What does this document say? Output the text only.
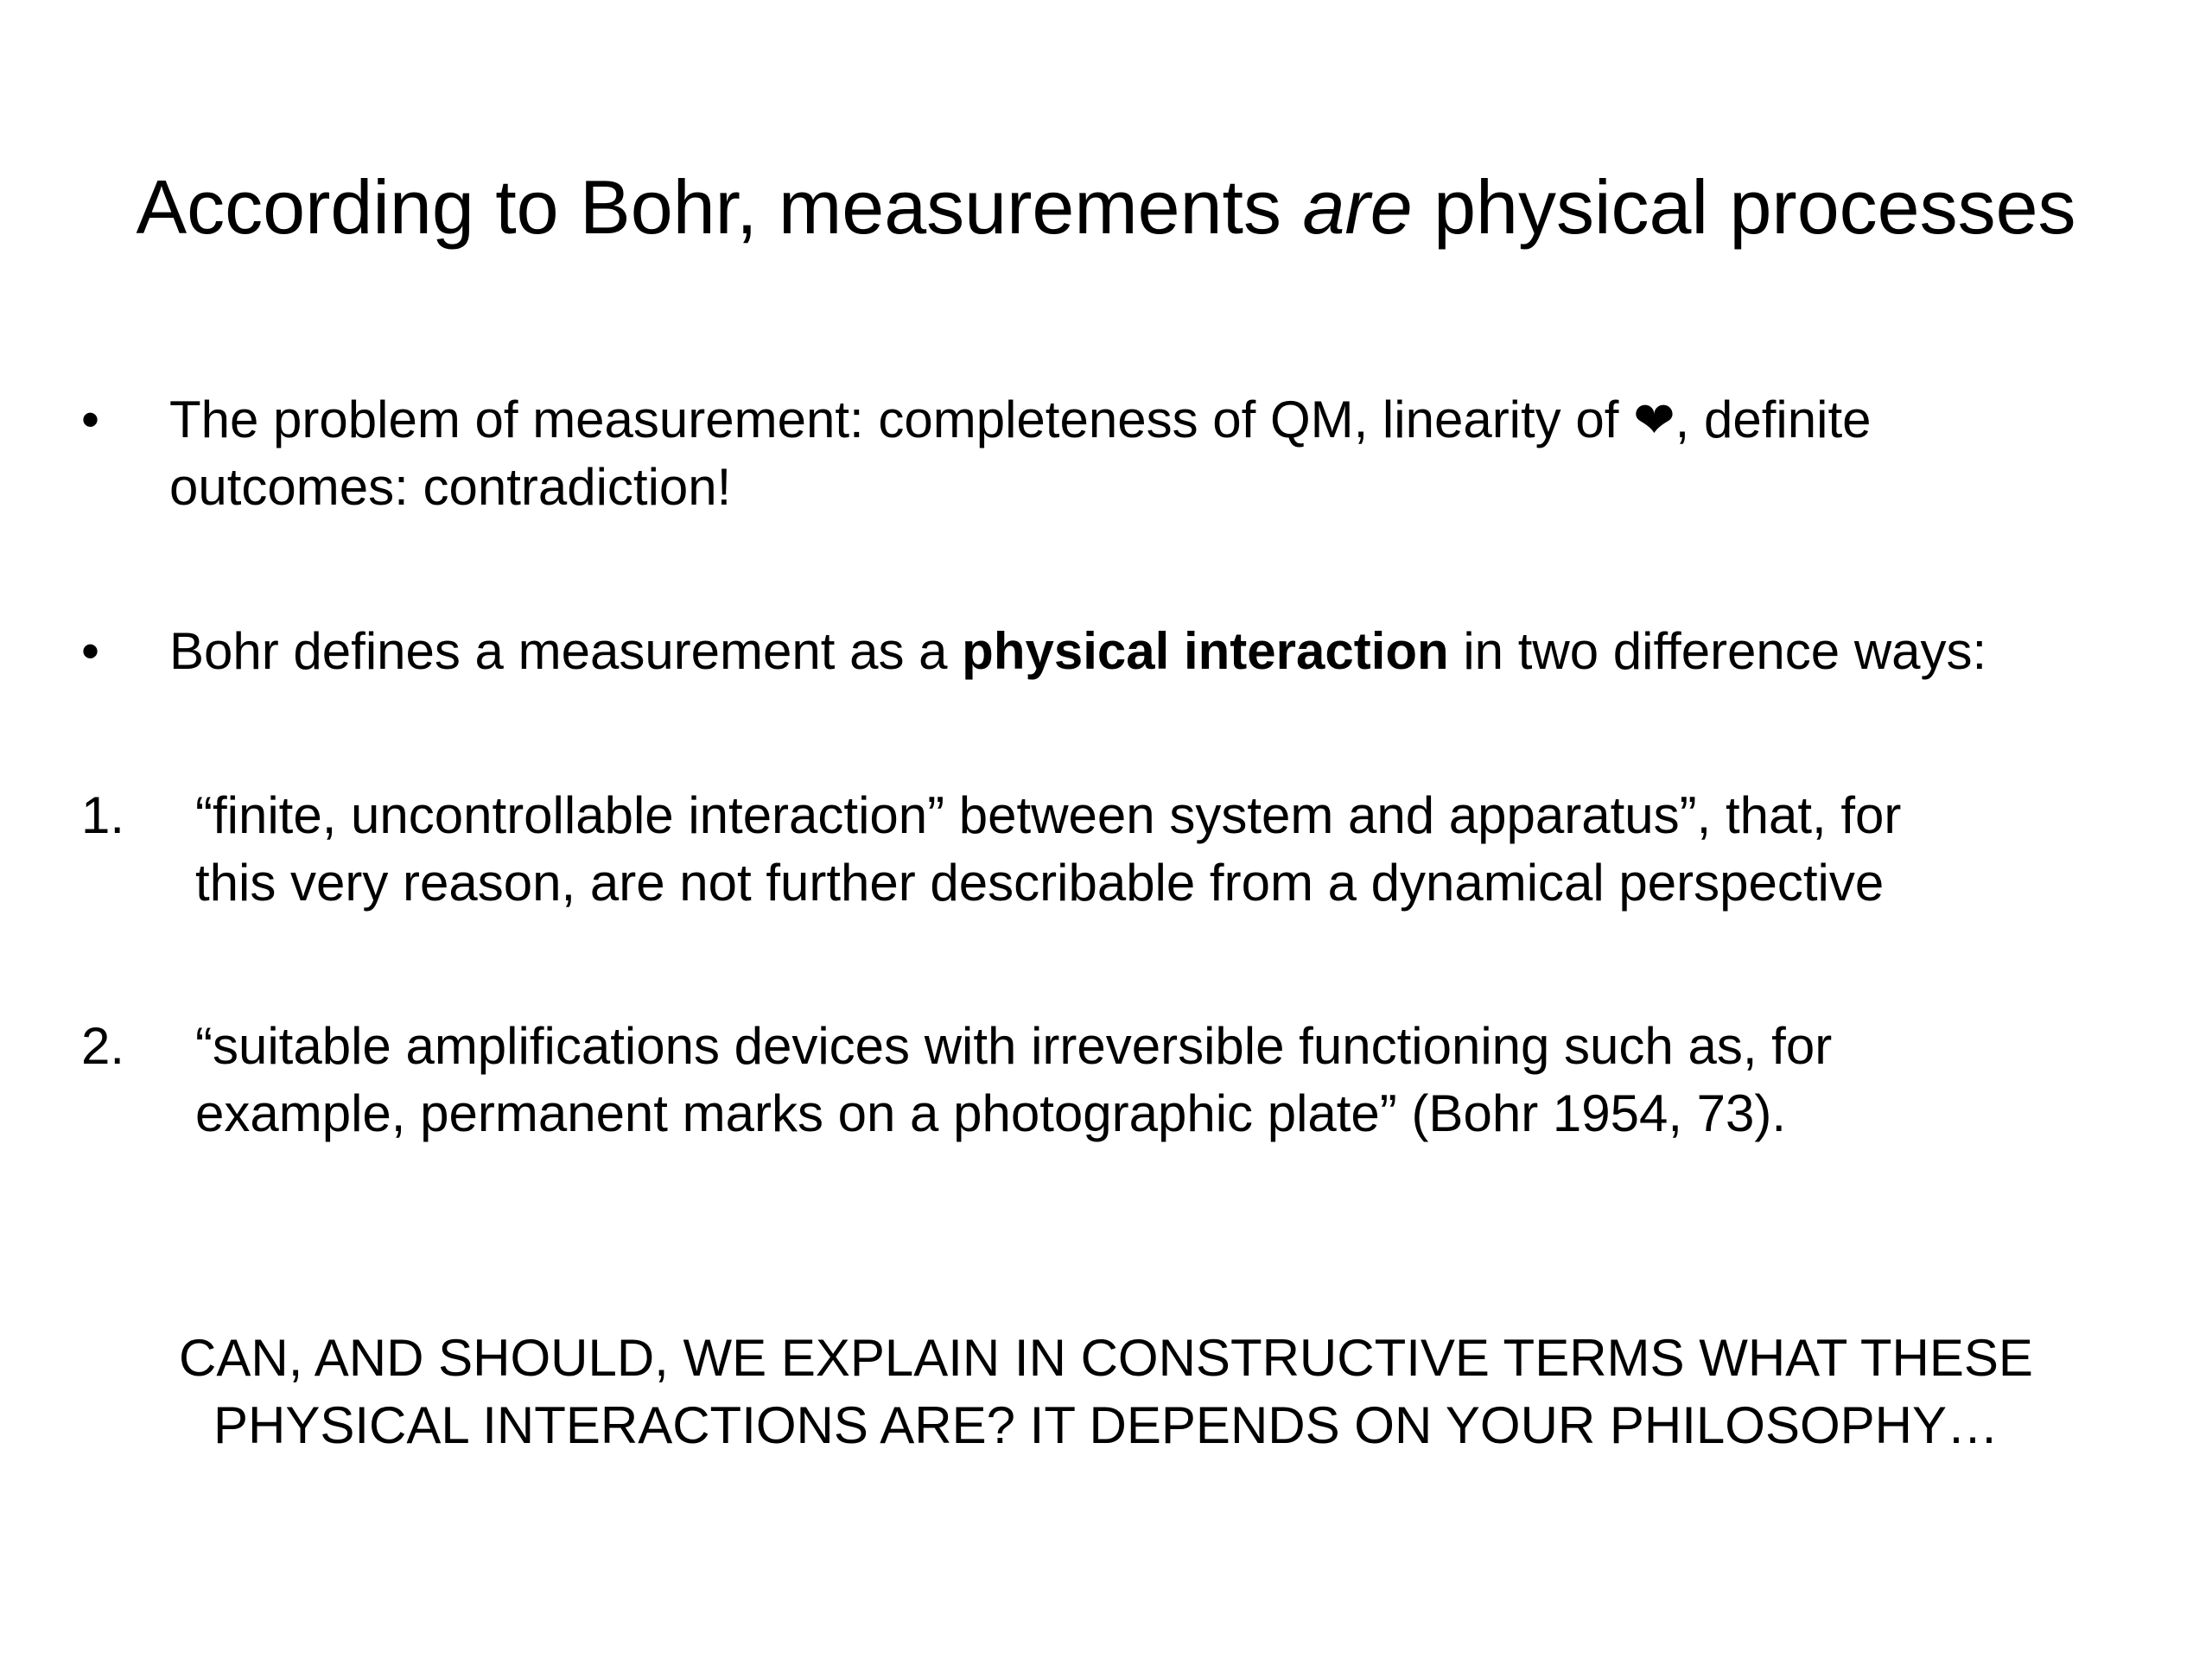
According to Bohr, measurements are physical processes
• The problem of measurement: completeness of QM, linearity of ❤, definite
outcomes: contradiction!
• Bohr defines a measurement as a physical interaction in two difference ways:
1. “finite, uncontrollable interaction” between system and apparatus”, that, for
this very reason, are not further describable from a dynamical perspective
2. “suitable amplifications devices with irreversible functioning such as, for
example, permanent marks on a photographic plate” (Bohr 1954, 73).
CAN, AND SHOULD, WE EXPLAIN IN CONSTRUCTIVE TERMS WHAT THESE
PHYSICAL INTERACTIONS ARE? IT DEPENDS ON YOUR PHILOSOPHY…
